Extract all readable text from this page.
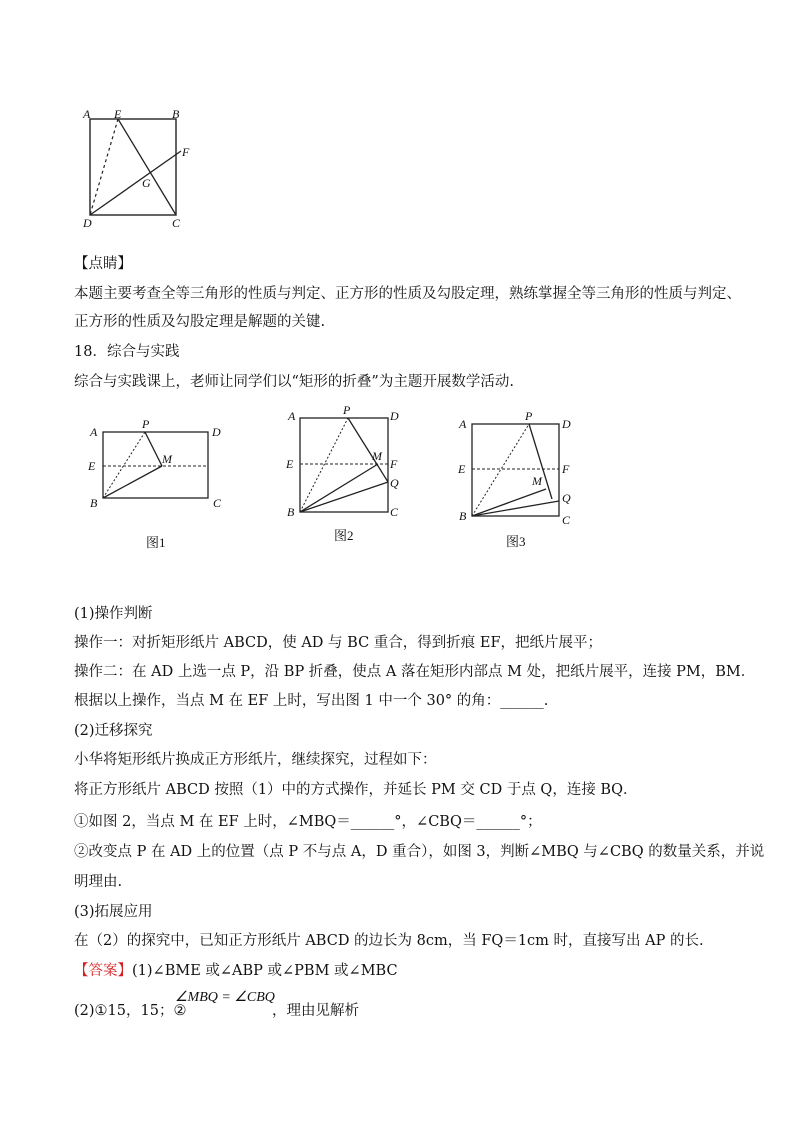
A E	B
F
G
D	C
【点睛】
本题主要考查全等三角形的性质与判定、正方形的性质及勾股定理，熟练掌握全等三角形的性质与判定、
正方形的性质及勾股定理是解题的关键.
18．综合与实践
综合与实践课上，老师让同学们以“矩形的折叠”为主题开展数学活动.
A
P
D
E	M
B	C
图1
A	P	D
M
E	F
Q
B	C
图2
A
P
D
E	F
M
Q
B	C
图3
(1)操作判断
操作一：对折矩形纸片 ABCD，使 AD 与 BC 重合，得到折痕 EF，把纸片展平；
操作二：在 AD 上选一点 P，沿 BP 折叠，使点 A 落在矩形内部点 M 处，把纸片展平，连接 PM，BM．
根据以上操作，当点 M 在 EF 上时，写出图 1 中一个 30° 的角：______.
(2)迁移探究
小华将矩形纸片换成正方形纸片，继续探究，过程如下：
将正方形纸片 ABCD 按照（1）中的方式操作，并延长 PM 交 CD 于点 Q，连接 BQ．
①如图 2，当点 M 在 EF 上时，∠MBQ＝______°，∠CBQ＝______°；
②改变点 P 在 AD 上的位置（点 P 不与点 A，D 重合），如图 3，判断∠MBQ 与∠CBQ 的数量关系，并说
明理由.
(3)拓展应用
在（2）的探究中，已知正方形纸片 ABCD 的边长为 8cm，当 FQ＝1cm 时，直接写出 AP 的长.
【答案】(1)∠BME 或∠ABP 或∠PBM 或∠MBC
(2)①15，15；②
∠MBQ = ∠CBQ
，理由见解析
